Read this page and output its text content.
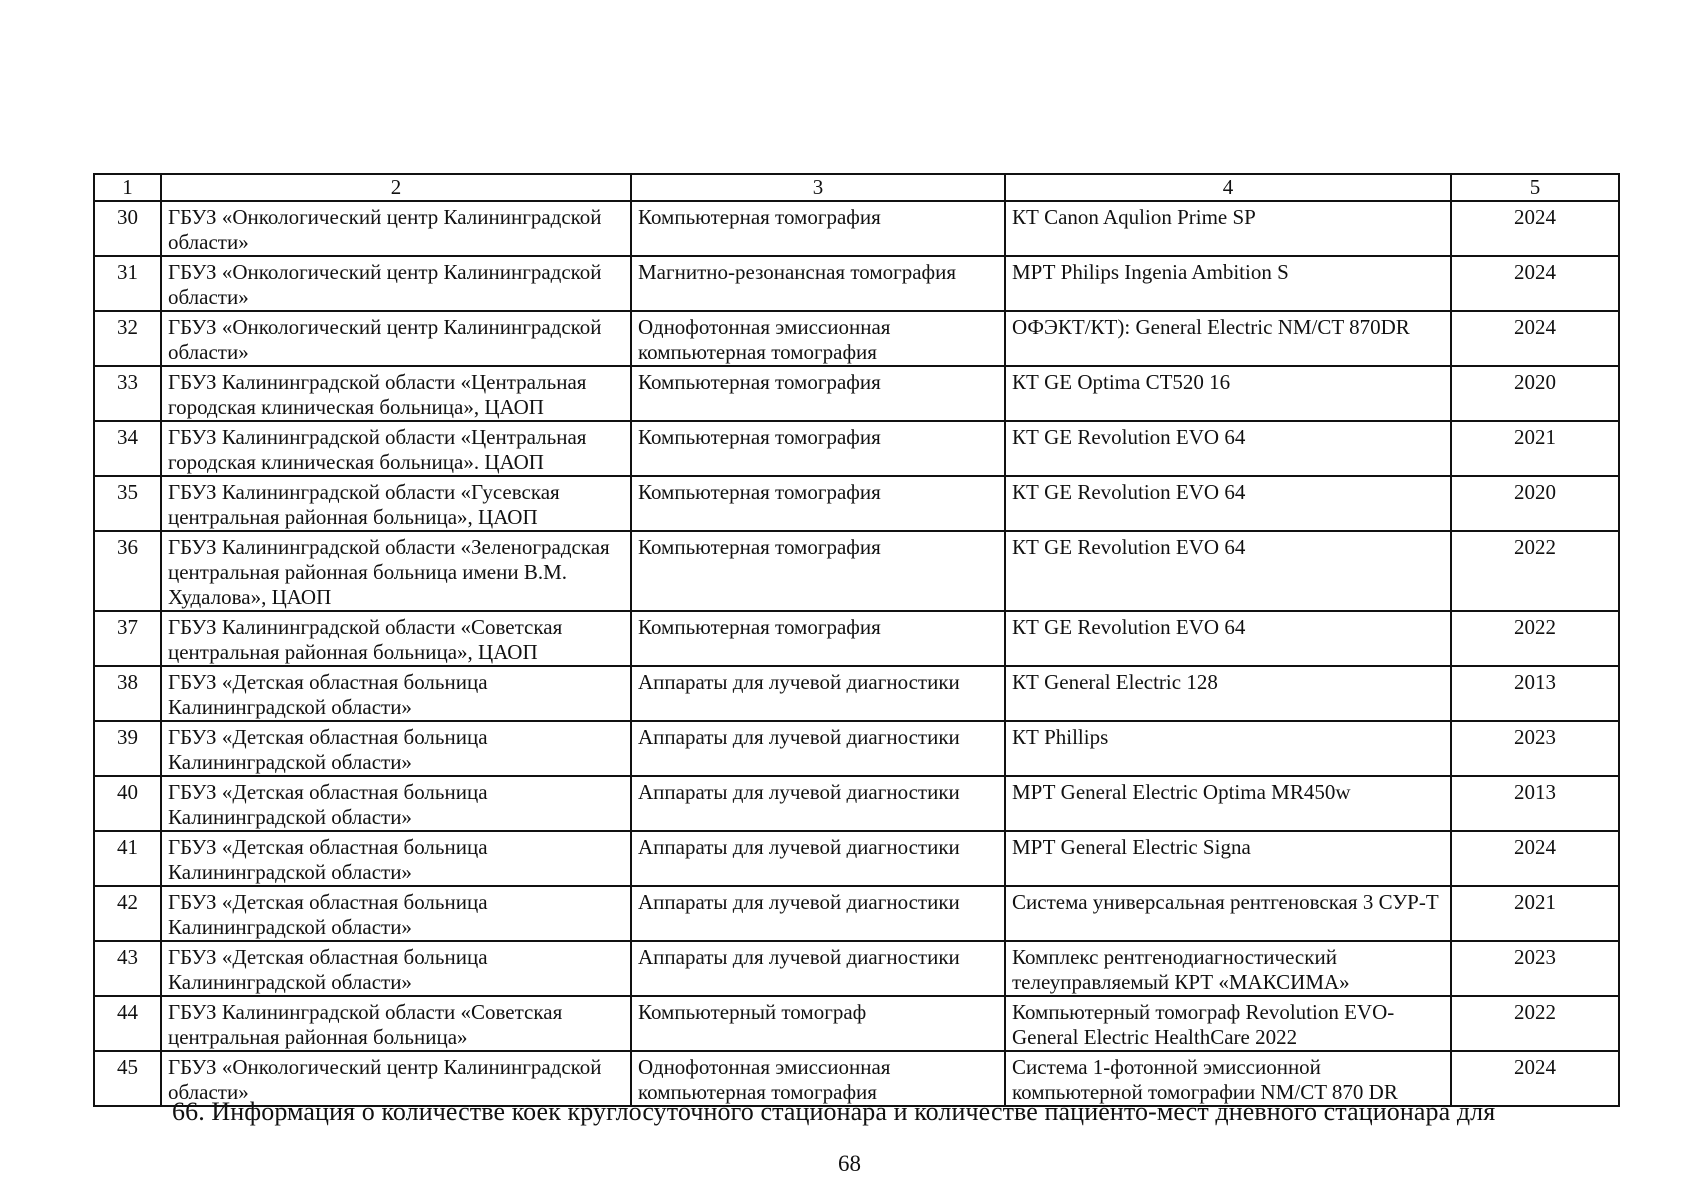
1	2	3	4	5
30	ГБУЗ «Онкологический центр Калининградской области»	Компьютерная томография	КТ Canon Aqulion Prime SP	2024
31	ГБУЗ «Онкологический центр Калининградской области»	Магнитно-резонансная томография	МРТ Philips Ingenia Ambition S	2024
32	ГБУЗ «Онкологический центр Калининградской области»	Однофотонная эмиссионная компьютерная томография	ОФЭКТ/КТ): General Electric NM/CT 870DR	2024
33	ГБУЗ Калининградской области «Центральная городская клиническая больница», ЦАОП	Компьютерная томография	КТ GE Optima CT520 16	2020
34	ГБУЗ Калининградской области «Центральная городская клиническая больница». ЦАОП	Компьютерная томография	КТ GE Revolution EVO 64	2021
35	ГБУЗ Калининградской области «Гусевская центральная районная больница», ЦАОП	Компьютерная томография	КТ GE Revolution EVO 64	2020
36	ГБУЗ Калининградской области «Зеленоградская центральная районная больница имени В.М. Худалова», ЦАОП	Компьютерная томография	КТ GE Revolution EVO 64	2022
37	ГБУЗ Калининградской области «Советская центральная районная больница», ЦАОП	Компьютерная томография	КТ GE Revolution EVO 64	2022
38	ГБУЗ «Детская областная больница Калининградской области»	Аппараты для лучевой диагностики	КТ General Electric 128	2013
39	ГБУЗ «Детская областная больница Калининградской области»	Аппараты для лучевой диагностики	КТ Phillips	2023
40	ГБУЗ «Детская областная больница Калининградской области»	Аппараты для лучевой диагностики	МРТ General Electric Optima MR450w	2013
41	ГБУЗ «Детская областная больница Калининградской области»	Аппараты для лучевой диагностики	МРТ General Electric Signa	2024
42	ГБУЗ «Детская областная больница Калининградской области»	Аппараты для лучевой диагностики	Система универсальная рентгеновская 3 СУР-Т	2021
43	ГБУЗ «Детская областная больница Калининградской области»	Аппараты для лучевой диагностики	Комплекс рентгенодиагностический телеуправляемый КРТ «МАКСИМА»	2023
44	ГБУЗ Калининградской области «Советская центральная районная больница»	Компьютерный томограф	Компьютерный томограф Revolution EVO-General Electric HealthCare 2022	2022
45	ГБУЗ «Онкологический центр Калининградской области»	Однофотонная эмиссионная компьютерная томография	Система 1-фотонной эмиссионной компьютерной томографии NM/CT 870 DR	2024
66. Информация о количестве коек круглосуточного стационара и количестве пациенто-мест дневного стационара для
68
